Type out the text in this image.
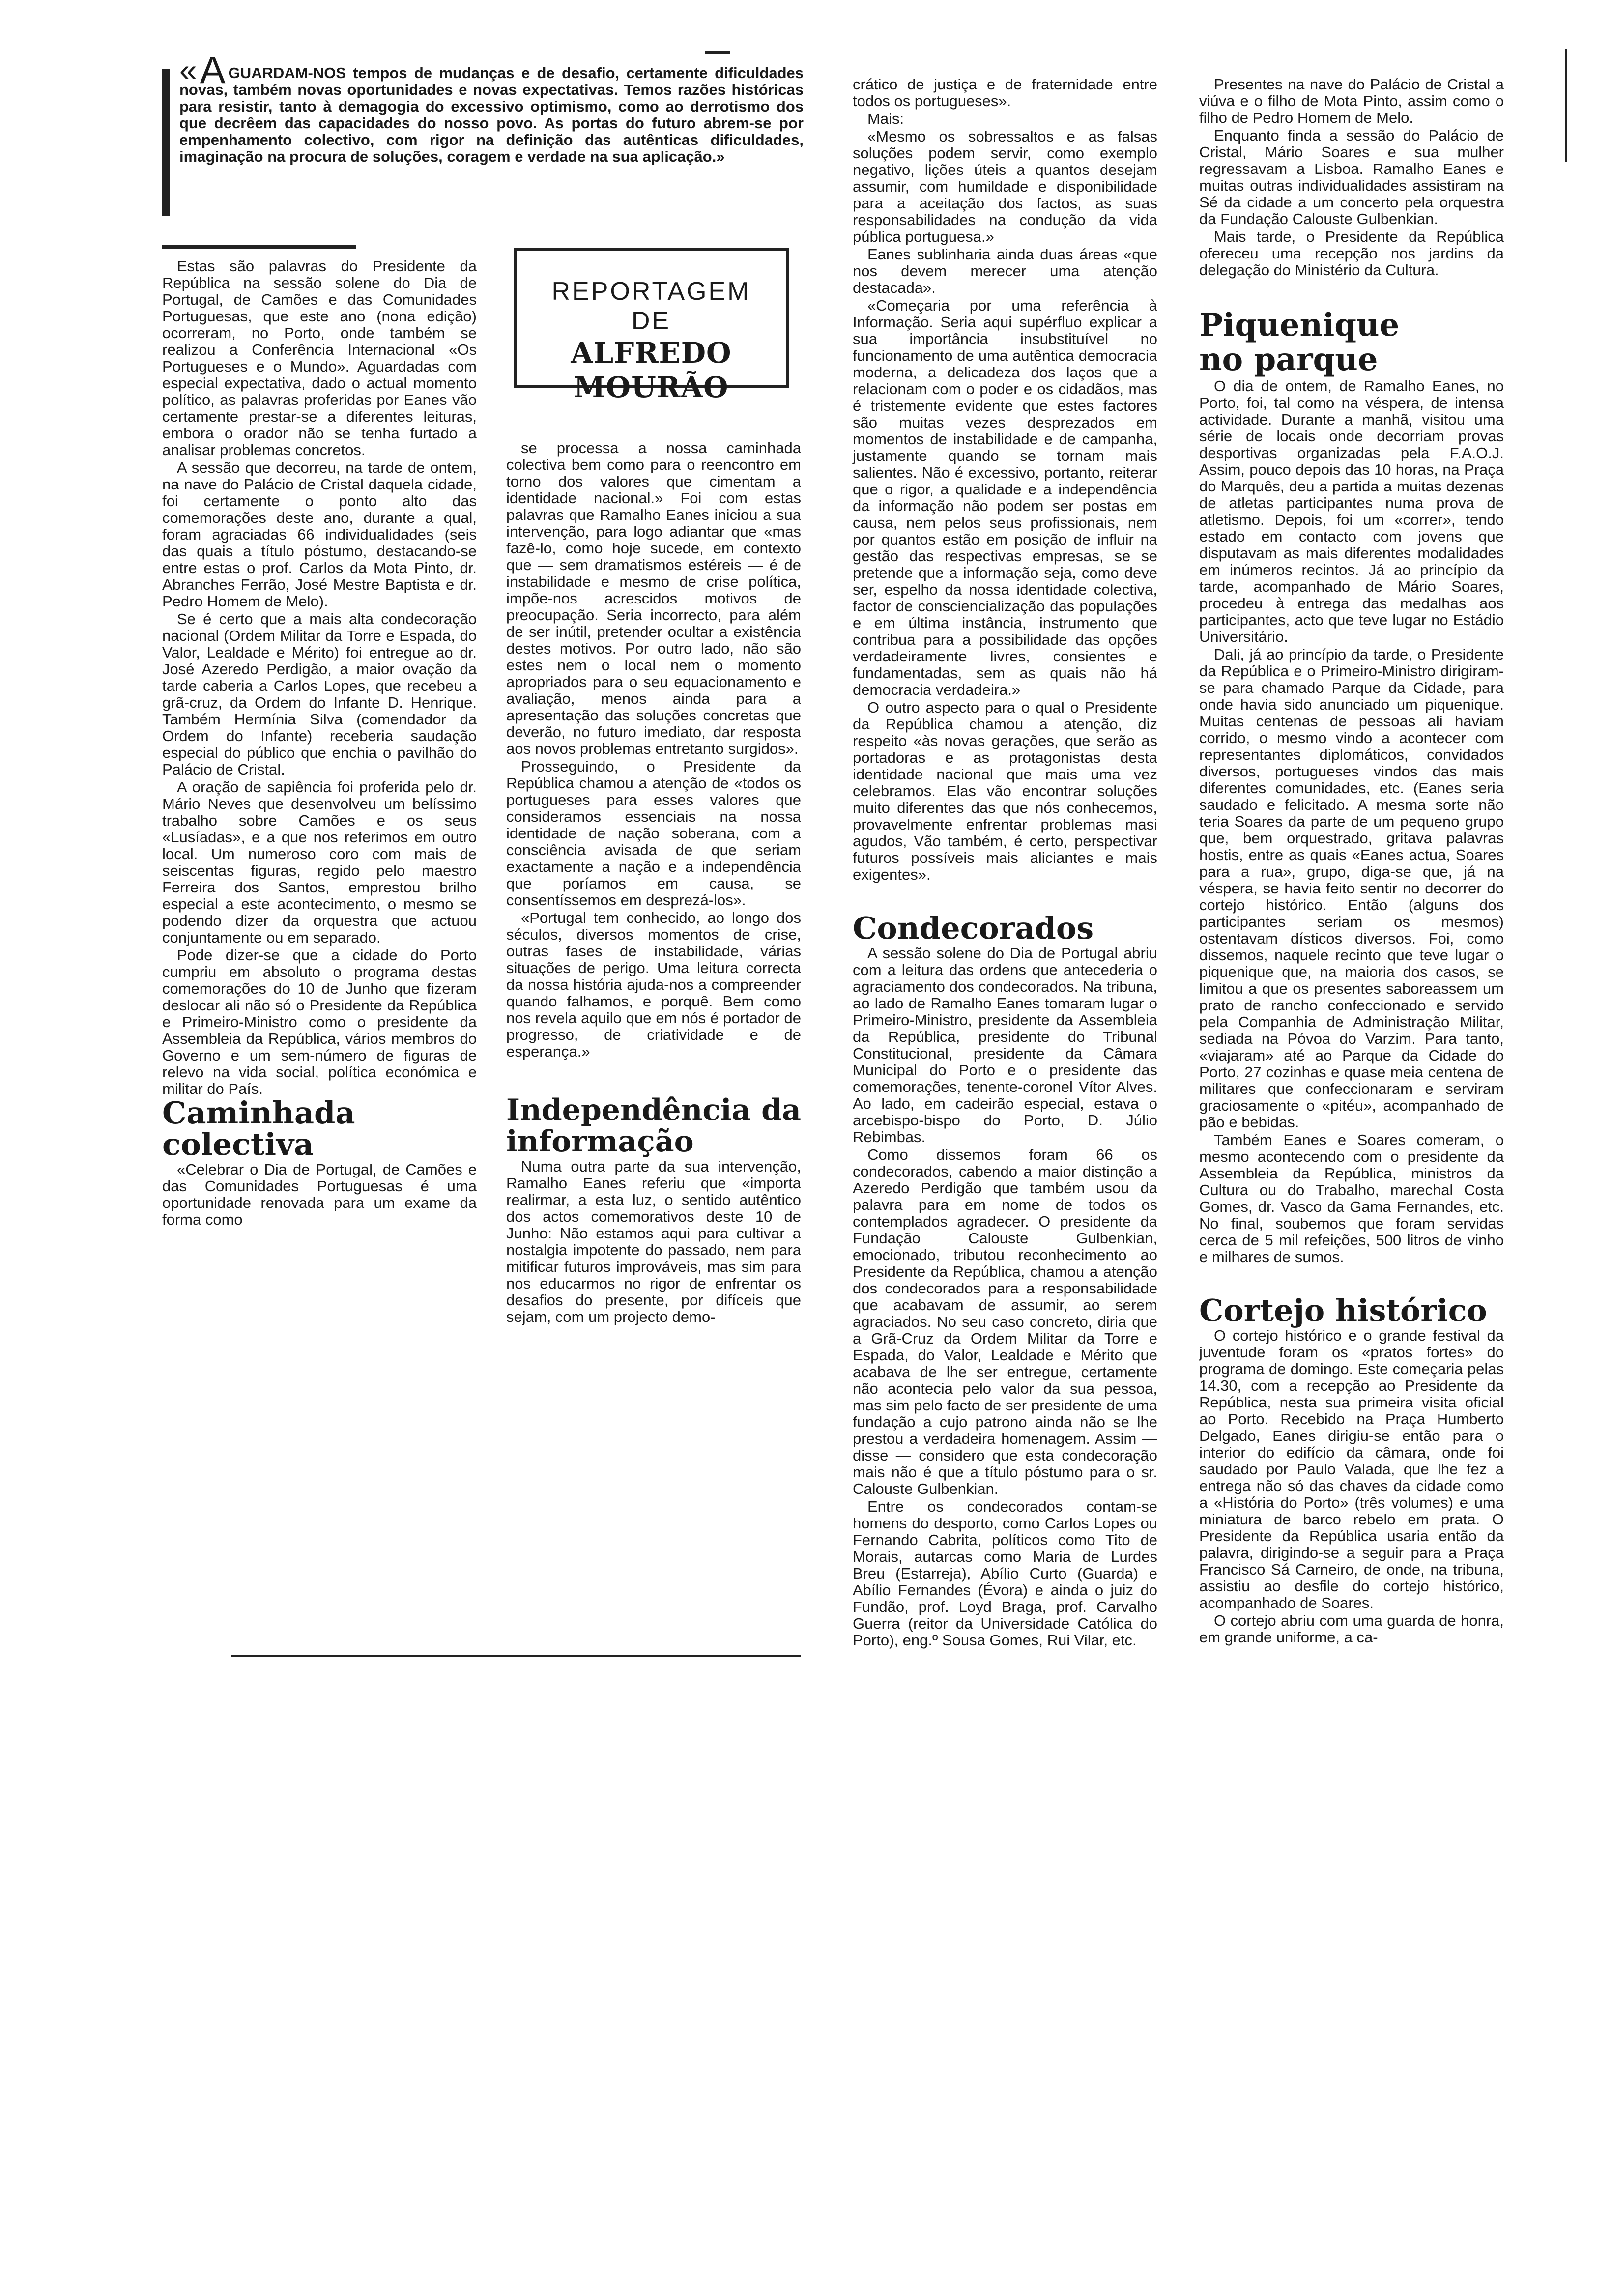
«A GUARDAM-NOS tempos de mudanças e de desafio, certamente dificuldades novas, também novas oportunidades e novas expectativas. Temos razões históricas para resistir, tanto à demagogia do excessivo optimismo, como ao derrotismo dos que decrêem das capacidades do nosso povo. As portas do futuro abrem-se por empenhamento colectivo, com rigor na definição das autênticas dificuldades, imaginação na procura de soluções, coragem e verdade na sua aplicação.»
REPORTAGEM
DE
ALFREDO MOURÃO

Estas são palavras do Presidente da República na sessão solene do Dia de Portugal, de Camões e das Comunidades Portuguesas, que este ano (nona edição) ocorreram, no Porto, onde também se realizou a Conferência Internacional «Os Portugueses e o Mundo». Aguardadas com especial expectativa, dado o actual momento político, as palavras proferidas por Eanes vão certamente prestar-se a diferentes leituras, embora o orador não se tenha furtado a analisar problemas concretos.

A sessão que decorreu, na tarde de ontem, na nave do Palácio de Cristal daquela cidade, foi certamente o ponto alto das comemorações deste ano, durante a qual, foram agraciadas 66 individualidades (seis das quais a título póstumo, destacando-se entre estas o prof. Carlos da Mota Pinto, dr. Abranches Ferrão, José Mestre Baptista e dr. Pedro Homem de Melo).

Se é certo que a mais alta condecoração nacional (Ordem Militar da Torre e Espada, do Valor, Lealdade e Mérito) foi entregue ao dr. José Azeredo Perdigão, a maior ovação da tarde caberia a Carlos Lopes, que recebeu a grã-cruz, da Ordem do Infante D. Henrique. Também Hermínia Silva (comendador da Ordem do Infante) receberia saudação especial do público que enchia o pavilhão do Palácio de Cristal.

A oração de sapiência foi proferida pelo dr. Mário Neves que desenvolveu um belíssimo trabalho sobre Camões e os seus «Lusíadas», e a que nos referimos em outro local. Um numeroso coro com mais de seiscentas figuras, regido pelo maestro Ferreira dos Santos, emprestou brilho especial a este acontecimento, o mesmo se podendo dizer da orquestra que actuou conjuntamente ou em separado.

Pode dizer-se que a cidade do Porto cumpriu em absoluto o programa destas comemorações do 10 de Junho que fizeram deslocar ali não só o Presidente da República e Primeiro-Ministro como o presidente da Assembleia da República, vários membros do Governo e um sem-número de figuras de relevo na vida social, política económica e militar do País.

Caminhada colectiva

«Celebrar o Dia de Portugal, de Camões e das Comunidades Portuguesas é uma oportunidade renovada para um exame da forma como

se processa a nossa caminhada colectiva bem como para o reencontro em torno dos valores que cimentam a identidade nacional.» Foi com estas palavras que Ramalho Eanes iniciou a sua intervenção, para logo adiantar que «mas fazê-lo, como hoje sucede, em contexto que — sem dramatismos estéreis — é de instabilidade e mesmo de crise política, impõe-nos acrescidos motivos de preocupação. Seria incorrecto, para além de ser inútil, pretender ocultar a existência destes motivos. Por outro lado, não são estes nem o local nem o momento apropriados para o seu equacionamento e avaliação, menos ainda para a apresentação das soluções concretas que deverão, no futuro imediato, dar resposta aos novos problemas entretanto surgidos».

Prosseguindo, o Presidente da República chamou a atenção de «todos os portugueses para esses valores que consideramos essenciais na nossa identidade de nação soberana, com a consciência avisada de que seriam exactamente a nação e a independência que poríamos em causa, se consentíssemos em desprezá-los».

«Portugal tem conhecido, ao longo dos séculos, diversos momentos de crise, outras fases de instabilidade, várias situações de perigo. Uma leitura correcta da nossa história ajuda-nos a compreender quando falhamos, e porquê. Bem como nos revela aquilo que em nós é portador de progresso, de criatividade e de esperança.»

Independência da informação

Numa outra parte da sua intervenção, Ramalho Eanes referiu que «importa realirmar, a esta luz, o sentido autêntico dos actos comemorativos deste 10 de Junho: Não estamos aqui para cultivar a nostalgia impotente do passado, nem para mitificar futuros improváveis, mas sim para nos educarmos no rigor de enfrentar os desafios do presente, por difíceis que sejam, com um projecto demo-

crático de justiça e de fraternidade entre todos os portugueses».

Mais:

«Mesmo os sobressaltos e as falsas soluções podem servir, como exemplo negativo, lições úteis a quantos desejam assumir, com humildade e disponibilidade para a aceitação dos factos, as suas responsabilidades na condução da vida pública portuguesa.»

Eanes sublinharia ainda duas áreas «que nos devem merecer uma atenção destacada».

«Começaria por uma referência à Informação. Seria aqui supérfluo explicar a sua importância insubstituível no funcionamento de uma autêntica democracia moderna, a delicadeza dos laços que a relacionam com o poder e os cidadãos, mas é tristemente evidente que estes factores são muitas vezes desprezados em momentos de instabilidade e de campanha, justamente quando se tornam mais salientes. Não é excessivo, portanto, reiterar que o rigor, a qualidade e a independência da informação não podem ser postas em causa, nem pelos seus profissionais, nem por quantos estão em posição de influir na gestão das respectivas empresas, se se pretende que a informação seja, como deve ser, espelho da nossa identidade colectiva, factor de consciencialização das populações e em última instância, instrumento que contribua para a possibilidade das opções verdadeiramente livres, consientes e fundamentadas, sem as quais não há democracia verdadeira.»

O outro aspecto para o qual o Presidente da República chamou a atenção, diz respeito «às novas gerações, que serão as portadoras e as protagonistas desta identidade nacional que mais uma vez celebramos. Elas vão encontrar soluções muito diferentes das que nós conhecemos, provavelmente enfrentar problemas masi agudos, Vão também, é certo, perspectivar futuros possíveis mais aliciantes e mais exigentes».

Condecorados

A sessão solene do Dia de Portugal abriu com a leitura das ordens que antecederia o agraciamento dos condecorados. Na tribuna, ao lado de Ramalho Eanes tomaram lugar o Primeiro-Ministro, presidente da Assembleia da República, presidente do Tribunal Constitucional, presidente da Câmara Municipal do Porto e o presidente das comemorações, tenente-coronel Vítor Alves. Ao lado, em cadeirão especial, estava o arcebispo-bispo do Porto, D. Júlio Rebimbas.

Como dissemos foram 66 os condecorados, cabendo a maior distinção a Azeredo Perdigão que também usou da palavra para em nome de todos os contemplados agradecer. O presidente da Fundação Calouste Gulbenkian, emocionado, tributou reconhecimento ao Presidente da República, chamou a atenção dos condecorados para a responsabilidade que acabavam de assumir, ao serem agraciados. No seu caso concreto, diria que a Grã-Cruz da Ordem Militar da Torre e Espada, do Valor, Lealdade e Mérito que acabava de lhe ser entregue, certamente não acontecia pelo valor da sua pessoa, mas sim pelo facto de ser presidente de uma fundação a cujo patrono ainda não se lhe prestou a verdadeira homenagem. Assim — disse — considero que esta condecoração mais não é que a título póstumo para o sr. Calouste Gulbenkian.

Entre os condecorados contam-se homens do desporto, como Carlos Lopes ou Fernando Cabrita, políticos como Tito de Morais, autarcas como Maria de Lurdes Breu (Estarreja), Abílio Curto (Guarda) e Abílio Fernandes (Évora) e ainda o juiz do Fundão, prof. Loyd Braga, prof. Carvalho Guerra (reitor da Universidade Católica do Porto), eng.º Sousa Gomes, Rui Vilar, etc.

Presentes na nave do Palácio de Cristal a viúva e o filho de Mota Pinto, assim como o filho de Pedro Homem de Melo.

Enquanto finda a sessão do Palácio de Cristal, Mário Soares e sua mulher regressavam a Lisboa. Ramalho Eanes e muitas outras individualidades assistiram na Sé da cidade a um concerto pela orquestra da Fundação Calouste Gulbenkian.

Mais tarde, o Presidente da República ofereceu uma recepção nos jardins da delegação do Ministério da Cultura.

Piquenique no parque

O dia de ontem, de Ramalho Eanes, no Porto, foi, tal como na véspera, de intensa actividade. Durante a manhã, visitou uma série de locais onde decorriam provas desportivas organizadas pela F.A.O.J. Assim, pouco depois das 10 horas, na Praça do Marquês, deu a partida a muitas dezenas de atletas participantes numa prova de atletismo. Depois, foi um «correr», tendo estado em contacto com jovens que disputavam as mais diferentes modalidades em inúmeros recintos. Já ao princípio da tarde, acompanhado de Mário Soares, procedeu à entrega das medalhas aos participantes, acto que teve lugar no Estádio Universitário.

Dali, já ao princípio da tarde, o Presidente da República e o Primeiro-Ministro dirigiram-se para chamado Parque da Cidade, para onde havia sido anunciado um piquenique. Muitas centenas de pessoas ali haviam corrido, o mesmo vindo a acontecer com representantes diplomáticos, convidados diversos, portugueses vindos das mais diferentes comunidades, etc. (Eanes seria saudado e felicitado. A mesma sorte não teria Soares da parte de um pequeno grupo que, bem orquestrado, gritava palavras hostis, entre as quais «Eanes actua, Soares para a rua», grupo, diga-se que, já na véspera, se havia feito sentir no decorrer do cortejo histórico. Então (alguns dos participantes seriam os mesmos) ostentavam dísticos diversos. Foi, como dissemos, naquele recinto que teve lugar o piquenique que, na maioria dos casos, se limitou a que os presentes saboreassem um prato de rancho confeccionado e servido pela Companhia de Administração Militar, sediada na Póvoa do Varzim. Para tanto, «viajaram» até ao Parque da Cidade do Porto, 27 cozinhas e quase meia centena de militares que confeccionaram e serviram graciosamente o «pitéu», acompanhado de pão e bebidas.

Também Eanes e Soares comeram, o mesmo acontecendo com o presidente da Assembleia da República, ministros da Cultura ou do Trabalho, marechal Costa Gomes, dr. Vasco da Gama Fernandes, etc. No final, soubemos que foram servidas cerca de 5 mil refeições, 500 litros de vinho e milhares de sumos.

Cortejo histórico

O cortejo histórico e o grande festival da juventude foram os «pratos fortes» do programa de domingo. Este começaria pelas 14.30, com a recepção ao Presidente da República, nesta sua primeira visita oficial ao Porto. Recebido na Praça Humberto Delgado, Eanes dirigiu-se então para o interior do edifício da câmara, onde foi saudado por Paulo Valada, que lhe fez a entrega não só das chaves da cidade como a «História do Porto» (três volumes) e uma miniatura de barco rebelo em prata. O Presidente da República usaria então da palavra, dirigindo-se a seguir para a Praça Francisco Sá Carneiro, de onde, na tribuna, assistiu ao desfile do cortejo histórico, acompanhado de Soares.

O cortejo abriu com uma guarda de honra, em grande uniforme, a ca-
